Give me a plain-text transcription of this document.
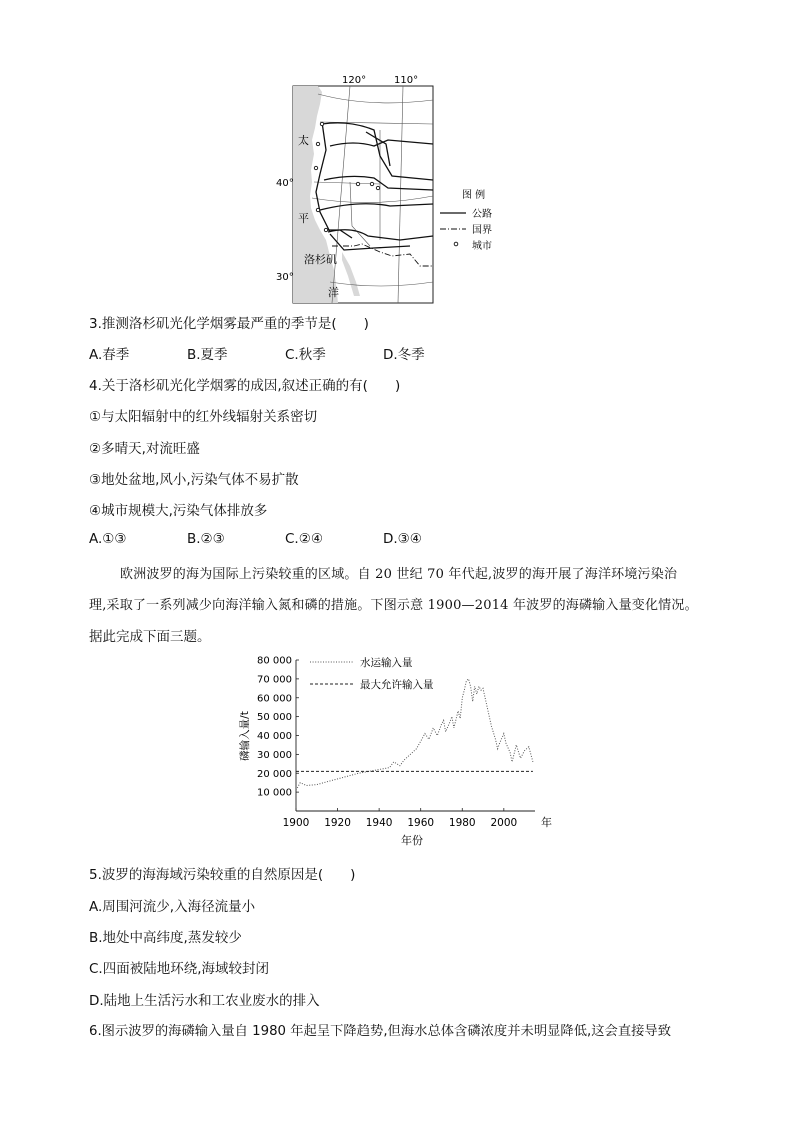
120°	110°
40°
30°
太
平
洋
洛杉矶
图 例
公路
国界
城市
3.推测洛杉矶光化学烟雾最严重的季节是(　　)
A.春季	B.夏季	C.秋季	D.冬季
4.关于洛杉矶光化学烟雾的成因,叙述正确的有(　　)
①与太阳辐射中的红外线辐射关系密切
②多晴天,对流旺盛
③地处盆地,风小,污染气体不易扩散
④城市规模大,污染气体排放多
A.①③	B.②③	C.②④	D.③④
欧洲波罗的海为国际上污染较重的区域。自 20 世纪 70 年代起,波罗的海开展了海洋环境污染治
理,采取了一系列减少向海洋输入氮和磷的措施。下图示意 1900—2014 年波罗的海磷输入量变化情况。
据此完成下面三题。
10 000
20 000
30 000
40 000
50 000
60 000
70 000
80 000
1900 1920 1940 1960 1980 2000
磷输入量/t
年份
年
水运输入量
最大允许输入量
5.波罗的海海域污染较重的自然原因是(　　)
A.周围河流少,入海径流量小
B.地处中高纬度,蒸发较少
C.四面被陆地环绕,海域较封闭
D.陆地上生活污水和工农业废水的排入
6.图示波罗的海磷输入量自 1980 年起呈下降趋势,但海水总体含磷浓度并未明显降低,这会直接导致
